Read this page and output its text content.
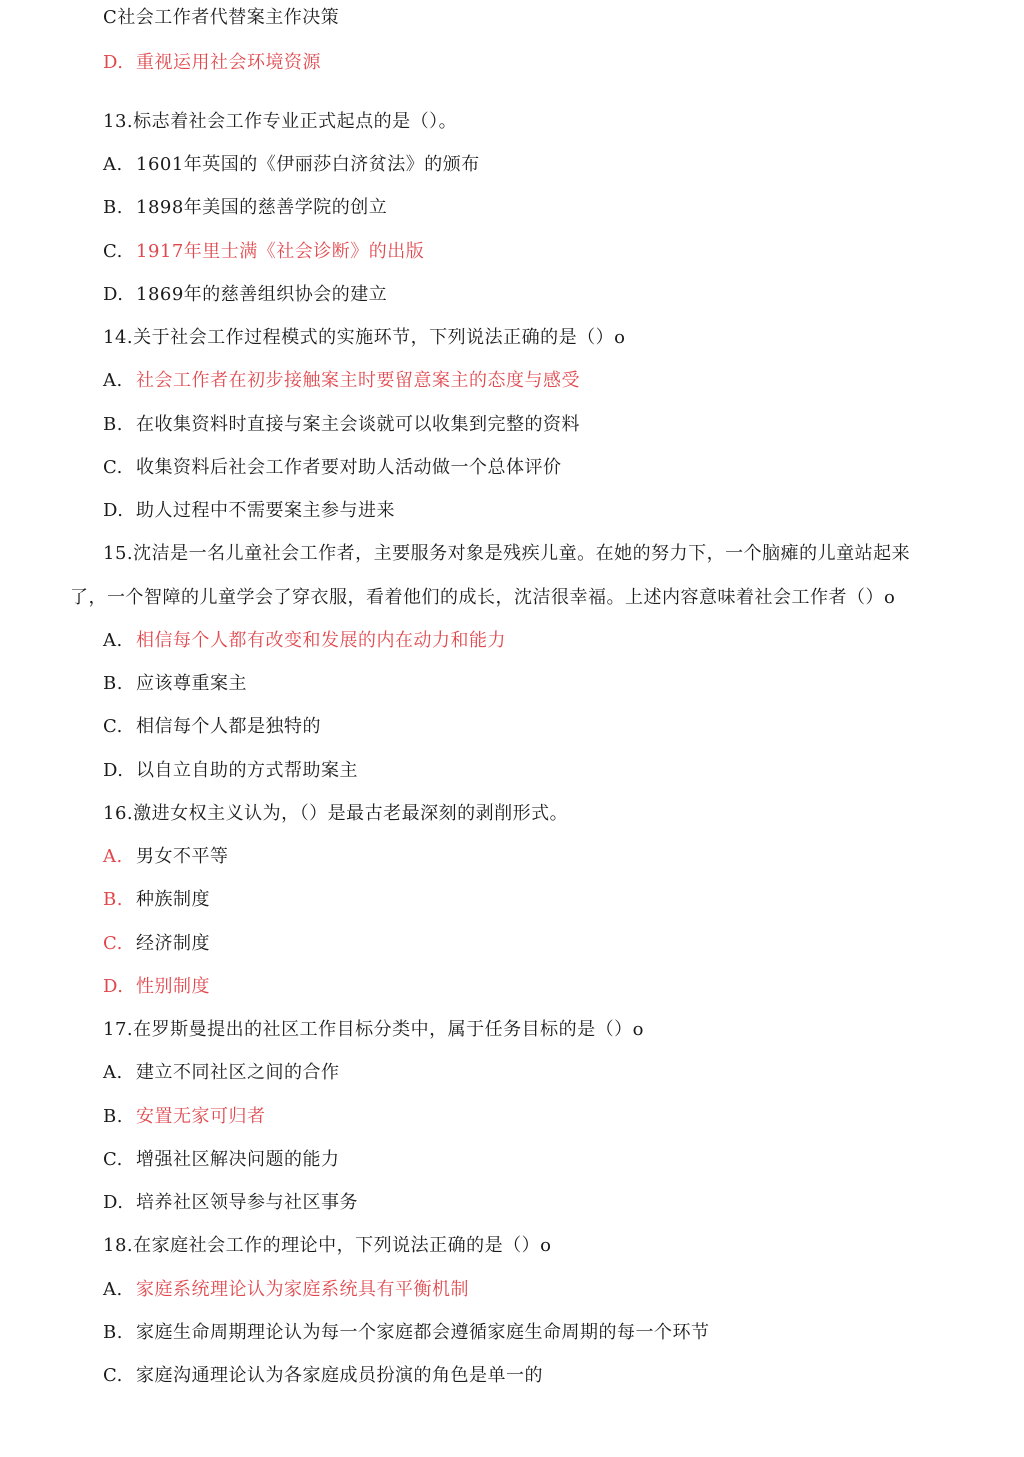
C社会工作者代替案主作决策
D. 重视运用社会环境资源
13.标志着社会工作专业正式起点的是（）。
A. 1601年英国的《伊丽莎白济贫法》的颁布
B. 1898年美国的慈善学院的创立
C. 1917年里士满《社会诊断》的出版
D. 1869年的慈善组织协会的建立
14.关于社会工作过程模式的实施环节，下列说法正确的是（）o
A. 社会工作者在初步接触案主时要留意案主的态度与感受
B. 在收集资料时直接与案主会谈就可以收集到完整的资料
C. 收集资料后社会工作者要对助人活动做一个总体评价
D. 助人过程中不需要案主参与进来
15.沈洁是一名儿童社会工作者，主要服务对象是残疾儿童。在她的努力下，一个脑瘫的儿童站起来
了，一个智障的儿童学会了穿衣服，看着他们的成长，沈洁很幸福。上述内容意味着社会工作者（）o
A. 相信每个人都有改变和发展的内在动力和能力
B. 应该尊重案主
C. 相信每个人都是独特的
D. 以自立自助的方式帮助案主
16.激进女权主义认为，（）是最古老最深刻的剥削形式。
A. 男女不平等
B. 种族制度
C. 经济制度
D. 性别制度
17.在罗斯曼提出的社区工作目标分类中，属于任务目标的是（）o
A. 建立不同社区之间的合作
B. 安置无家可归者
C. 增强社区解决问题的能力
D. 培养社区领导参与社区事务
18.在家庭社会工作的理论中，下列说法正确的是（）o
A. 家庭系统理论认为家庭系统具有平衡机制
B. 家庭生命周期理论认为每一个家庭都会遵循家庭生命周期的每一个环节
C. 家庭沟通理论认为各家庭成员扮演的角色是单一的
